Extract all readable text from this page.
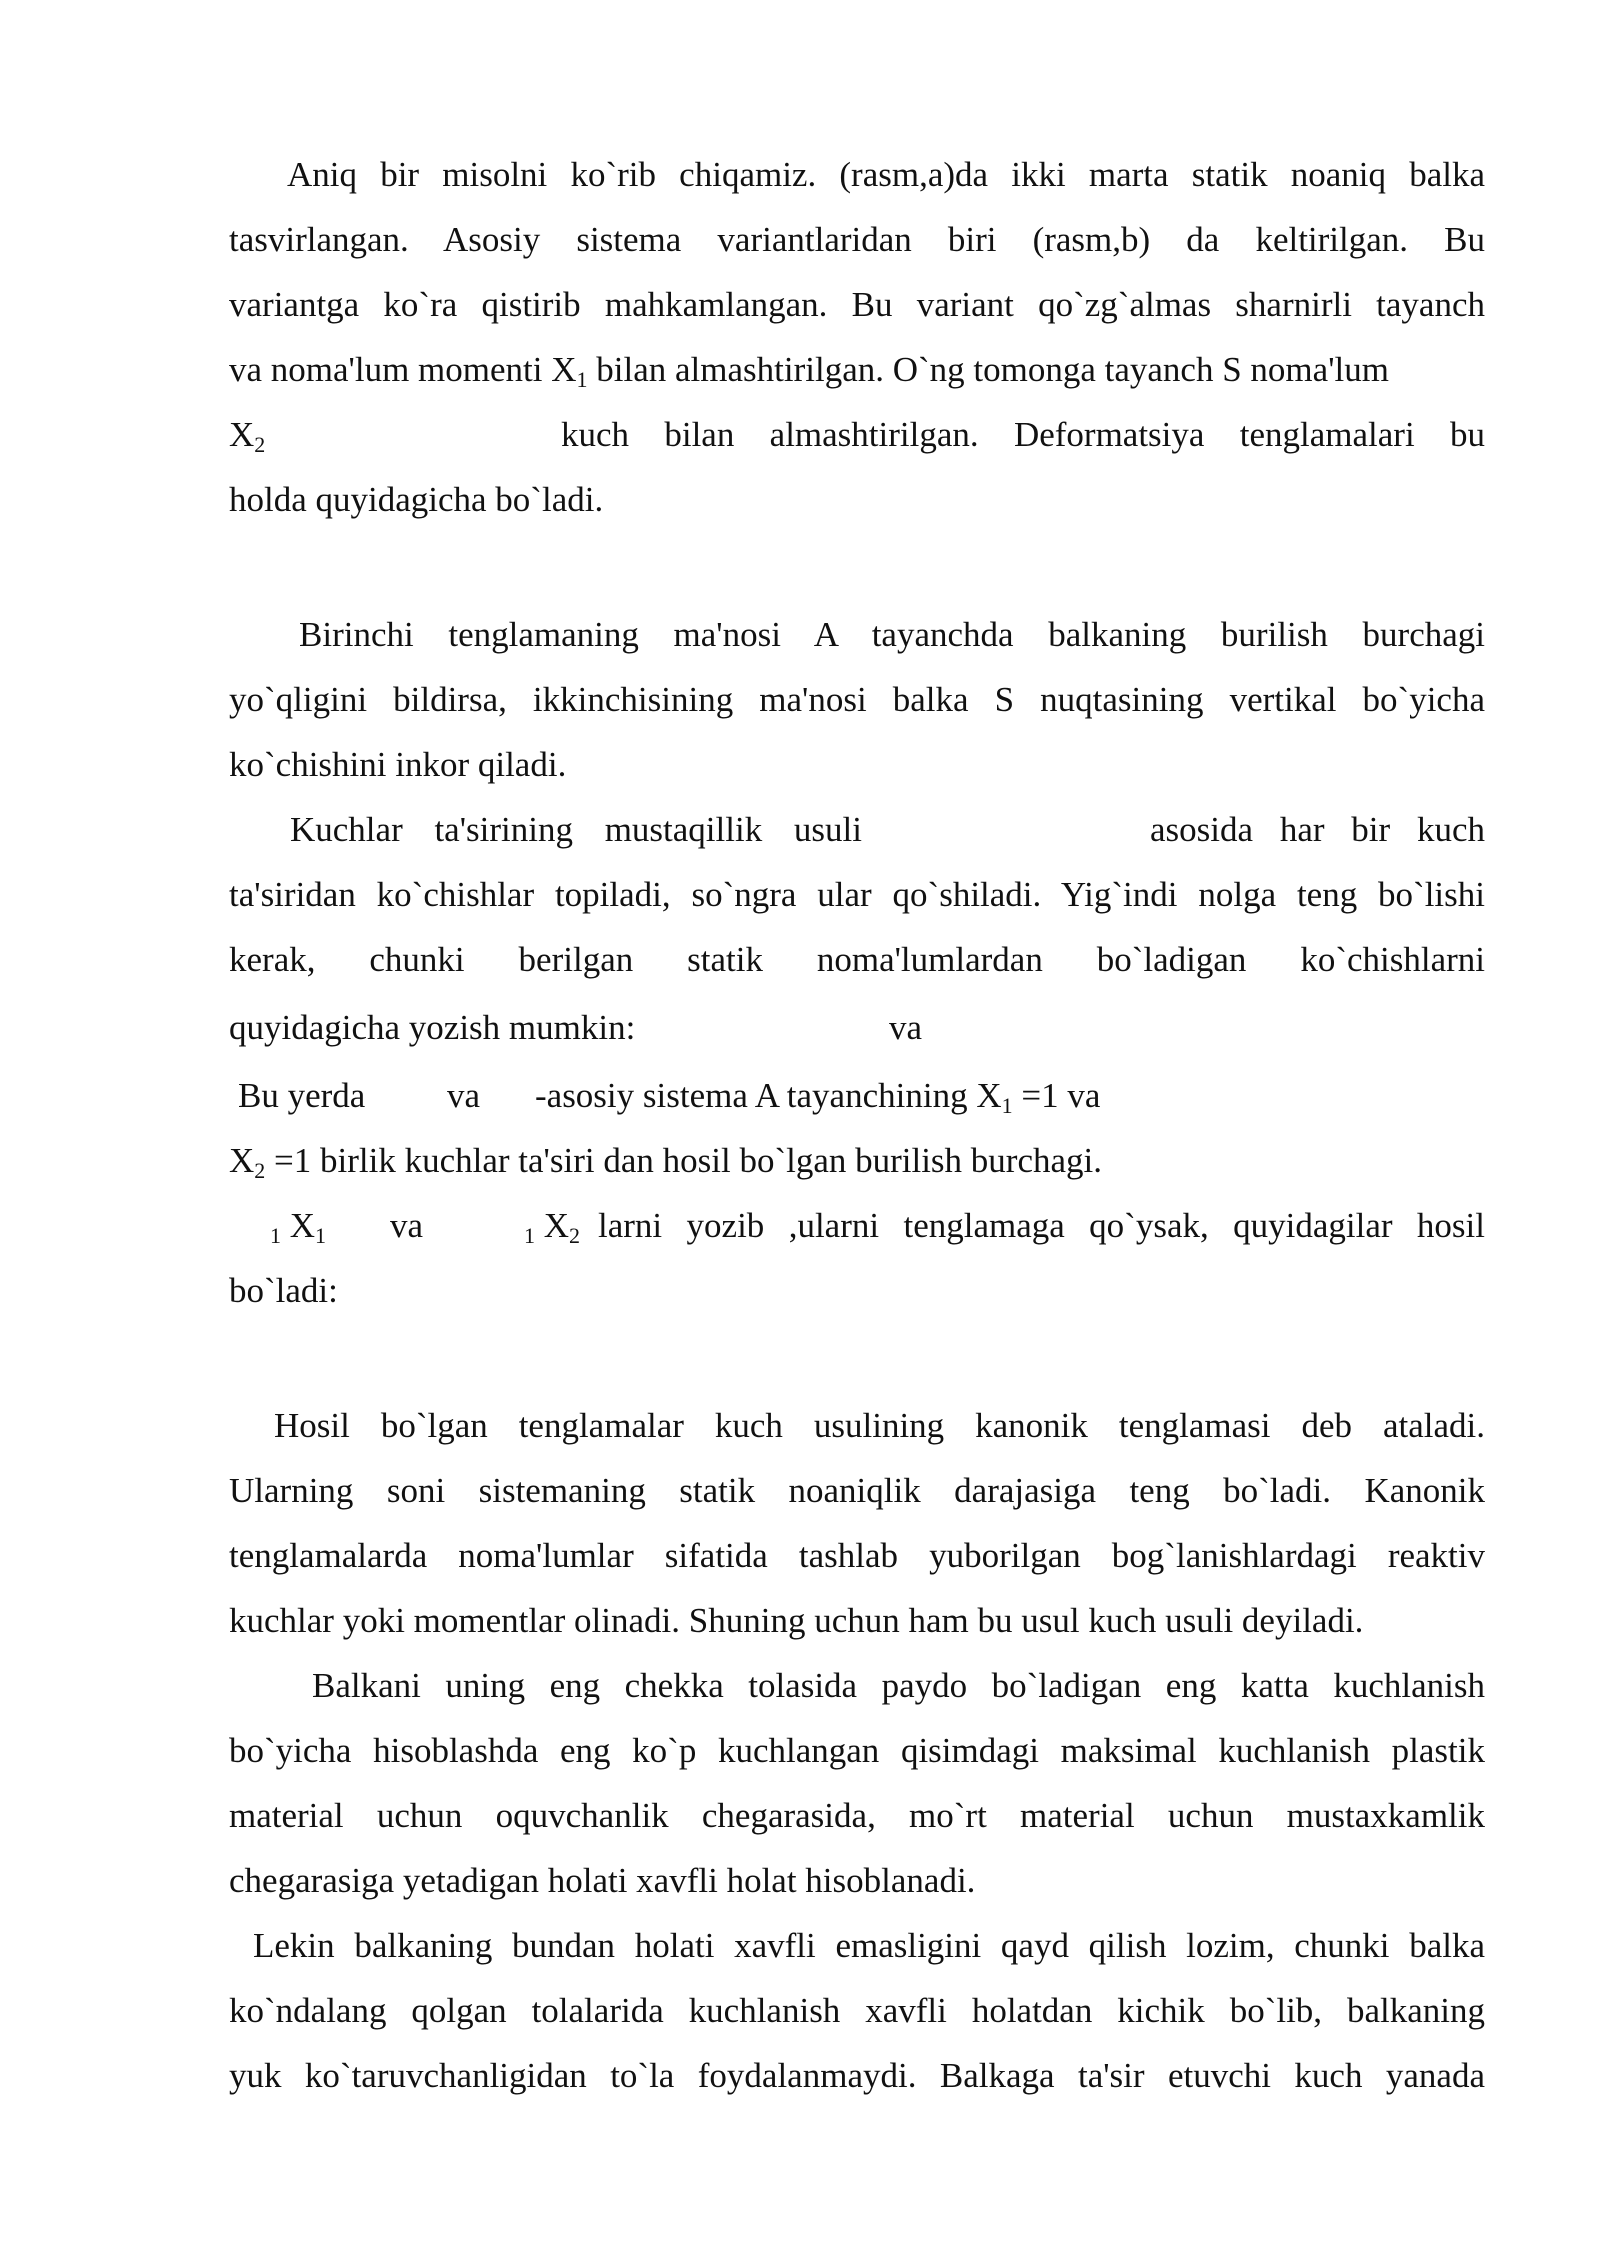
Aniq bir misolni ko`rib chiqamiz. (rasm,a)da ikki marta statik noaniq balka

tasvirlangan. Asosiy sistema variantlaridan biri (rasm,b) da keltirilgan. Bu

variantga ko`ra qistirib mahkamlangan. Bu variant qo`zg`almas sharnirli tayanch

va noma'lum momenti $X_1$ bilan almashtirilgan. O`ng tomonga tayanch S noma'lum

$X_2$	kuch bilan almashtirilgan. Deformatsiya tenglamalari bu

holda quyidagicha bo`ladi.

Birinchi tenglamaning ma'nosi A tayanchda balkaning burilish burchagi

yo`qligini bildirsa, ikkinchisining ma'nosi balka S nuqtasining vertikal bo`yicha

ko`chishini inkor qiladi.

Kuchlar ta'sirining mustaqillik usuli	asosida har bir kuch

ta'siridan ko`chishlar topiladi, so`ngra ular qo`shiladi. Yig`indi nolga teng bo`lishi

kerak, chunki berilgan statik noma'lumlardan bo`ladigan ko`chishlarni

quyidagicha yozish mumkin:	va

Bu yerda	va	-asosiy sistema A tayanchining $X_1 =1$ va

$X_2 =1$ birlik kuchlar ta'siri dan hosil bo`lgan burilish burchagi.

$_1$ $X_1$	va	$_1$ $X_2$ larni yozib ,ularni tenglamaga qo`ysak, quyidagilar hosil

bo`ladi:

Hosil bo`lgan tenglamalar kuch usulining kanonik tenglamasi deb ataladi.

Ularning soni sistemaning statik noaniqlik darajasiga teng bo`ladi. Kanonik

tenglamalarda noma'lumlar sifatida tashlab yuborilgan bog`lanishlardagi reaktiv

kuchlar yoki momentlar olinadi. Shuning uchun ham bu usul kuch usuli deyiladi.

Balkani uning eng chekka tolasida paydo bo`ladigan eng katta kuchlanish

bo`yicha hisoblashda eng ko`p kuchlangan qisimdagi maksimal kuchlanish plastik

material uchun oquvchanlik chegarasida, mo`rt material uchun mustaxkamlik

chegarasiga yetadigan holati xavfli holat hisoblanadi.

Lekin balkaning bundan holati xavfli emasligini qayd qilish lozim, chunki balka

ko`ndalang qolgan tolalarida kuchlanish xavfli holatdan kichik bo`lib, balkaning

yuk ko`taruvchanligidan to`la foydalanmaydi. Balkaga ta'sir etuvchi kuch yanada
